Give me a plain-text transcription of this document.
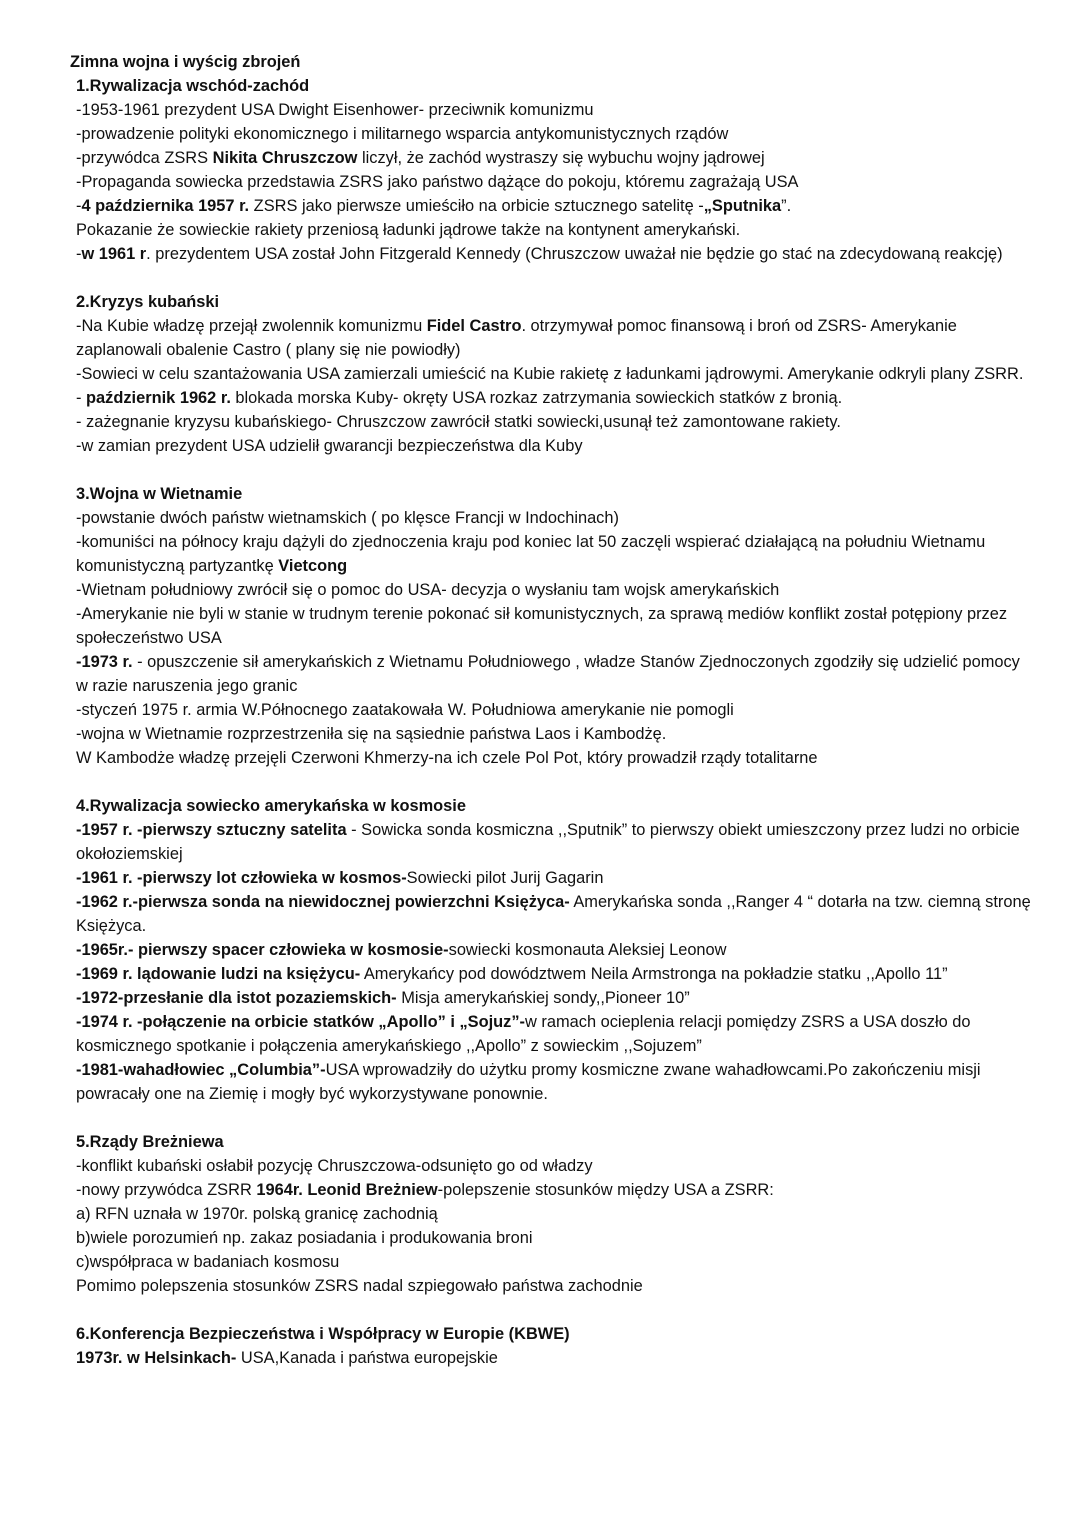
Zimna wojna i wyścig zbrojeń

1.Rywalizacja wschód-zachód

-1953-1961 prezydent USA Dwight Eisenhower- przeciwnik komunizmu

-prowadzenie polityki ekonomicznego i militarnego wsparcia antykomunistycznych rządów

-przywódca ZSRS Nikita Chruszczow liczył, że zachód wystraszy się wybuchu wojny jądrowej

-Propaganda sowiecka przedstawia ZSRS jako państwo dążące do pokoju, któremu zagrażają USA

-4 października 1957 r. ZSRS jako pierwsze umieściło na orbicie sztucznego satelitę -„Sputnika”.

Pokazanie że sowieckie rakiety przeniosą ładunki jądrowe także na kontynent amerykański.

-w 1961 r. prezydentem USA został John Fitzgerald Kennedy (Chruszczow uważał nie będzie go stać na zdecydowaną reakcję)

2.Kryzys kubański

-Na Kubie władzę przejął zwolennik komunizmu Fidel Castro. otrzymywał pomoc finansową i broń od ZSRS- Amerykanie zaplanowali obalenie Castro ( plany się nie powiodły)

-Sowieci w celu szantażowania USA zamierzali umieścić na Kubie rakietę z ładunkami jądrowymi. Amerykanie odkryli plany ZSRR.

- październik 1962 r. blokada morska Kuby- okręty USA rozkaz zatrzymania sowieckich statków z bronią.

- zażegnanie kryzysu kubańskiego- Chruszczow zawrócił statki sowiecki,usunął też zamontowane rakiety.

-w zamian prezydent USA udzielił gwarancji bezpieczeństwa dla Kuby

3.Wojna w Wietnamie

-powstanie dwóch państw wietnamskich ( po klęsce Francji w Indochinach)

-komuniści na północy kraju dążyli do zjednoczenia kraju pod koniec lat 50 zaczęli wspierać działającą na południu Wietnamu komunistyczną partyzantkę Vietcong

-Wietnam południowy zwrócił się o pomoc do USA- decyzja o wysłaniu tam wojsk amerykańskich

-Amerykanie nie byli w stanie w trudnym terenie pokonać sił komunistycznych, za sprawą mediów konflikt został potępiony przez społeczeństwo USA

-1973 r. - opuszczenie sił amerykańskich z Wietnamu Południowego , władze Stanów Zjednoczonych zgodziły się udzielić pomocy w razie naruszenia jego granic

-styczeń 1975 r. armia W.Północnego zaatakowała W. Południowa amerykanie nie pomogli

-wojna w Wietnamie rozprzestrzeniła się na sąsiednie państwa Laos i Kambodżę.

W Kambodże władzę przejęli Czerwoni Khmerzy-na ich czele Pol Pot, który prowadził rządy totalitarne

4.Rywalizacja sowiecko amerykańska w kosmosie

-1957 r. -pierwszy sztuczny satelita - Sowicka sonda kosmiczna ,,Sputnik” to pierwszy obiekt umieszczony przez ludzi no orbicie okołoziemskiej

-1961 r. -pierwszy lot człowieka w kosmos-Sowiecki pilot Jurij Gagarin

-1962 r.-pierwsza sonda na niewidocznej powierzchni Księżyca- Amerykańska sonda ,,Ranger 4 “ dotarła na tzw. ciemną stronę Księżyca.

-1965r.- pierwszy spacer człowieka w kosmosie-sowiecki kosmonauta Aleksiej Leonow

-1969 r. lądowanie ludzi na księżycu- Amerykańcy pod dowództwem Neila Armstronga na pokładzie statku ,,Apollo 11”

-1972-przesłanie dla istot pozaziemskich- Misja amerykańskiej sondy,,Pioneer 10”

-1974 r. -połączenie na orbicie statków „Apollo” i „Sojuz”-w ramach ocieplenia relacji pomiędzy ZSRS a USA doszło do kosmicznego spotkanie i połączenia amerykańskiego ,,Apollo” z sowieckim ,,Sojuzem”

-1981-wahadłowiec „Columbia”-USA wprowadziły do użytku promy kosmiczne zwane wahadłowcami.Po zakończeniu misji powracały one na Ziemię i mogły być wykorzystywane ponownie.

5.Rządy Breżniewa

-konflikt kubański osłabił pozycję Chruszczowa-odsunięto go od władzy

-nowy przywódca ZSRR 1964r. Leonid Breżniew-polepszenie stosunków między USA a ZSRR:

a) RFN uznała w 1970r. polską granicę zachodnią

b)wiele porozumień np. zakaz posiadania i produkowania broni

c)współpraca w badaniach kosmosu

Pomimo polepszenia stosunków ZSRS nadal szpiegowało państwa zachodnie

6.Konferencja Bezpieczeństwa i Współpracy w Europie (KBWE)

1973r. w Helsinkach- USA,Kanada i państwa europejskie
